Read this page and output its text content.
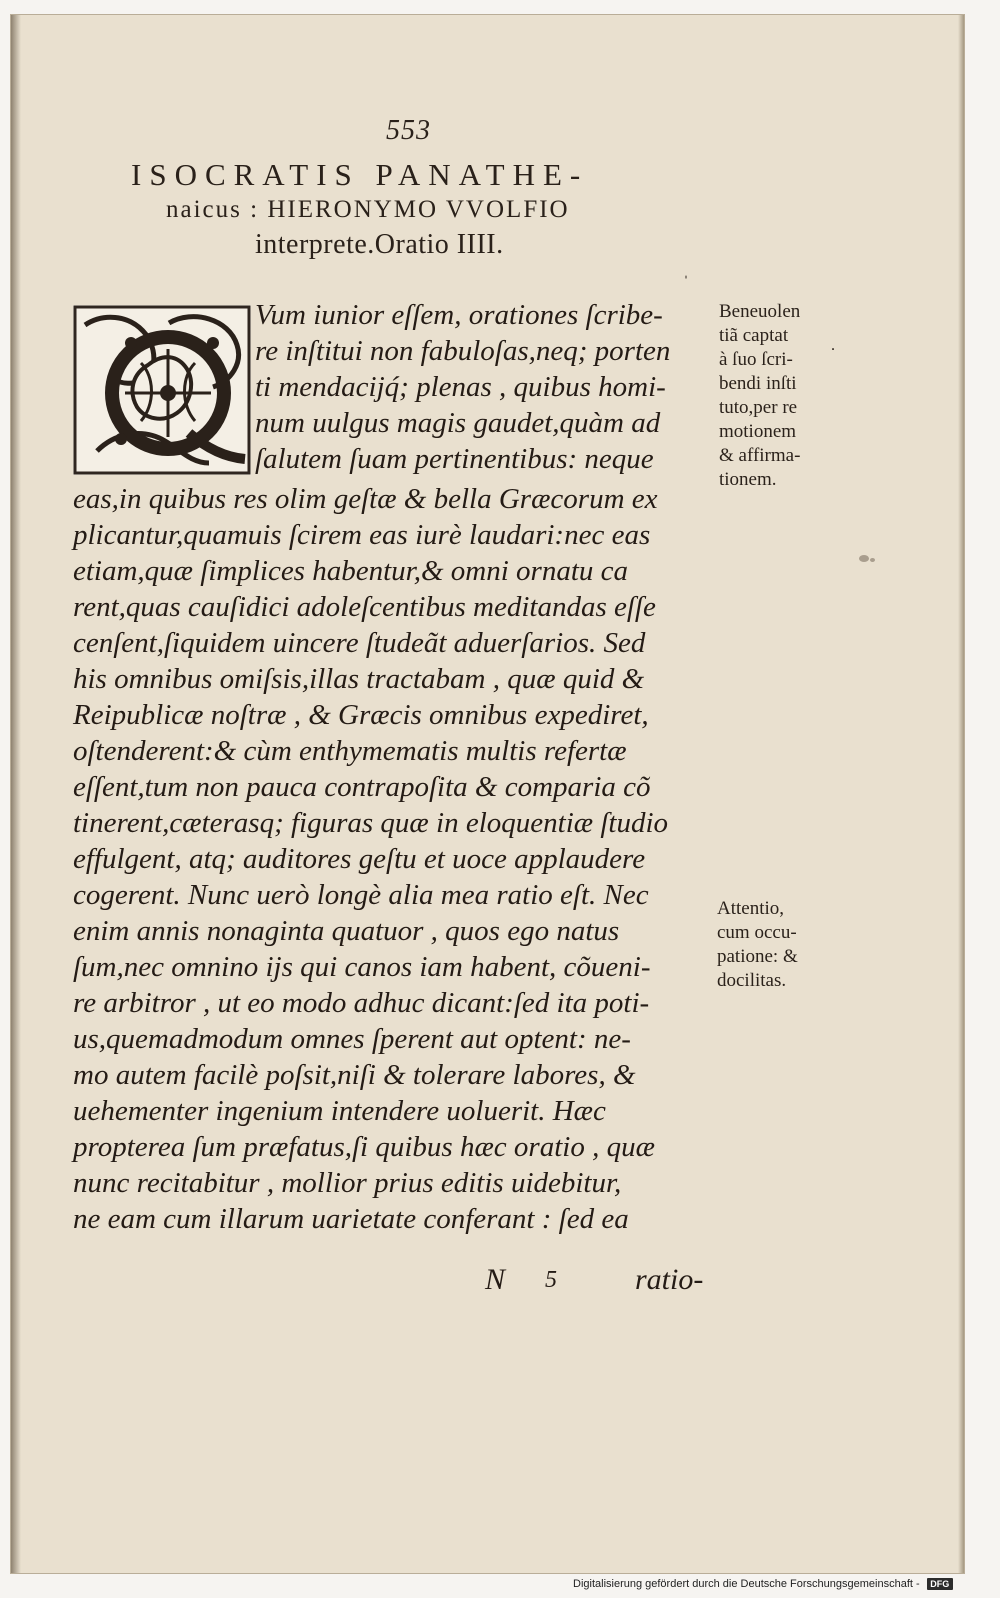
553
ISOCRATIS PANATHE-
naicus : HIERONYMO VVOLFIO
interprete.Oratio IIII.
Vum iunior eſſem, orationes ſcribe-
re inſtitui non fabuloſas,neq; porten
ti mendacijq́; plenas , quibus homi-
num uulgus magis gaudet,quàm ad
ſalutem ſuam pertinentibus: neque
eas,in quibus res olim geſtæ & bella Græcorum ex
plicantur,quamuis ſcirem eas iurè laudari:nec eas
etiam,quæ ſimplices habentur,& omni ornatu ca
rent,quas cauſidici adoleſcentibus meditandas eſſe
cenſent,ſiquidem uincere ſtudeãt aduerſarios. Sed
his omnibus omiſsis,illas tractabam , quæ quid &
Reipublicæ noſtræ , & Græcis omnibus expediret,
oſtenderent:& cùm enthymematis multis refertæ
eſſent,tum non pauca contrapoſita & comparia cõ
tinerent,cæterasq; figuras quæ in eloquentiæ ſtudio
effulgent, atq; auditores geſtu et uoce applaudere
cogerent. Nunc uerò longè alia mea ratio eſt. Nec
enim annis nonaginta quatuor , quos ego natus
ſum,nec omnino ijs qui canos iam habent, cõueni-
re arbitror , ut eo modo adhuc dicant:ſed ita poti-
us,quemadmodum omnes ſperent aut optent: ne-
mo autem facilè poſsit,niſi & tolerare labores, &
uehementer ingenium intendere uoluerit. Hæc
propterea ſum præfatus,ſi quibus hæc oratio , quæ
nunc recitabitur , mollior prius editis uidebitur,
ne eam cum illarum uarietate conferant : ſed ea
Beneuolen
tiã captat
à ſuo ſcri-
bendi inſti
tuto,per re
motionem
& affirma-
tionem.
Attentio,
cum occu-
patione: &
docilitas.
N 5	ratio-
ˈ
˙
Digitalisierung gefördert durch die Deutsche Forschungsgemeinschaft - DFG
